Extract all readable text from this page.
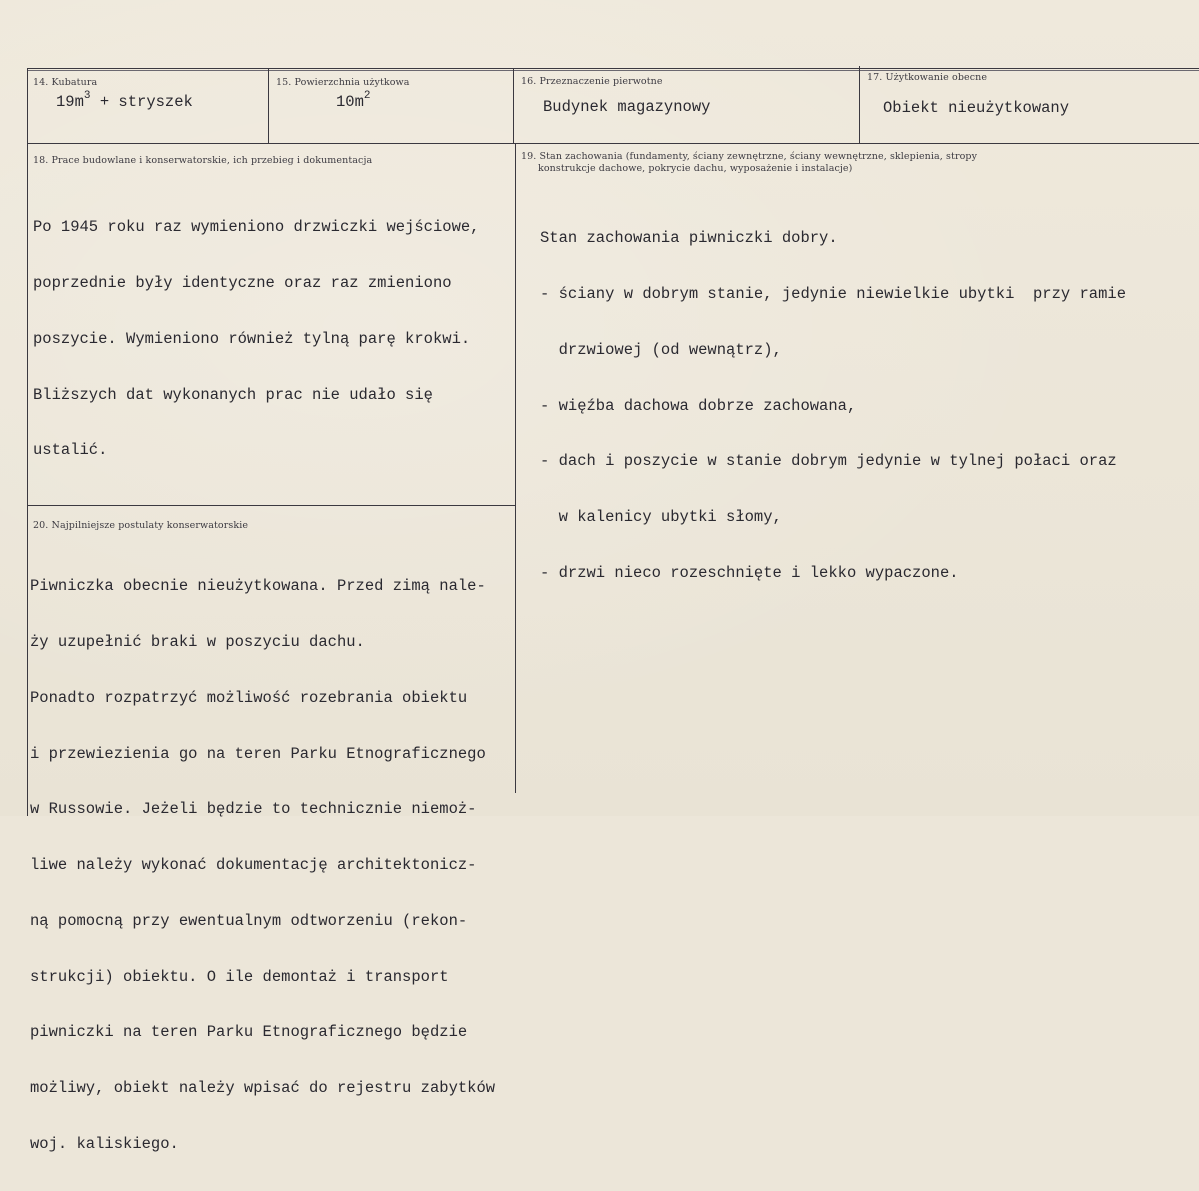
14. Kubatura
$19m^3$ + stryszek
15. Powierzchnia użytkowa
$10m^2$
16. Przeznaczenie pierwotne
Budynek magazynowy
17. Użytkowanie obecne
Obiekt nieużytkowany
18. Prace budowlane i konserwatorskie, ich przebieg i dokumentacja

Po 1945 roku raz wymieniono drzwiczki wejściowe,

poprzednie były identyczne oraz raz zmieniono

poszycie. Wymieniono również tylną parę krokwi.

Bliższych dat wykonanych prac nie udało się

ustalić.

19. Stan zachowania (fundamenty, ściany zewnętrzne, ściany wewnętrzne, sklepienia, stropy
konstrukcje dachowe, pokrycie dachu, wyposażenie i instalacje)

Stan zachowania piwniczki dobry.

- ściany w dobrym stanie, jedynie niewielkie ubytki  przy ramie

drzwiowej (od wewnątrz),

- więźba dachowa dobrze zachowana,

- dach i poszycie w stanie dobrym jedynie w tylnej połaci oraz

w kalenicy ubytki słomy,

- drzwi nieco rozeschnięte i lekko wypaczone.

20. Najpilniejsze postulaty konserwatorskie

Piwniczka obecnie nieużytkowana. Przed zimą nale-

ży uzupełnić braki w poszyciu dachu.

Ponadto rozpatrzyć możliwość rozebrania obiektu

i przewiezienia go na teren Parku Etnograficznego

w Russowie. Jeżeli będzie to technicznie niemoż-

liwe należy wykonać dokumentację architektonicz-

ną pomocną przy ewentualnym odtworzeniu (rekon-

strukcji) obiektu. O ile demontaż i transport

piwniczki na teren Parku Etnograficznego będzie

możliwy, obiekt należy wpisać do rejestru zabytków

woj. kaliskiego.
